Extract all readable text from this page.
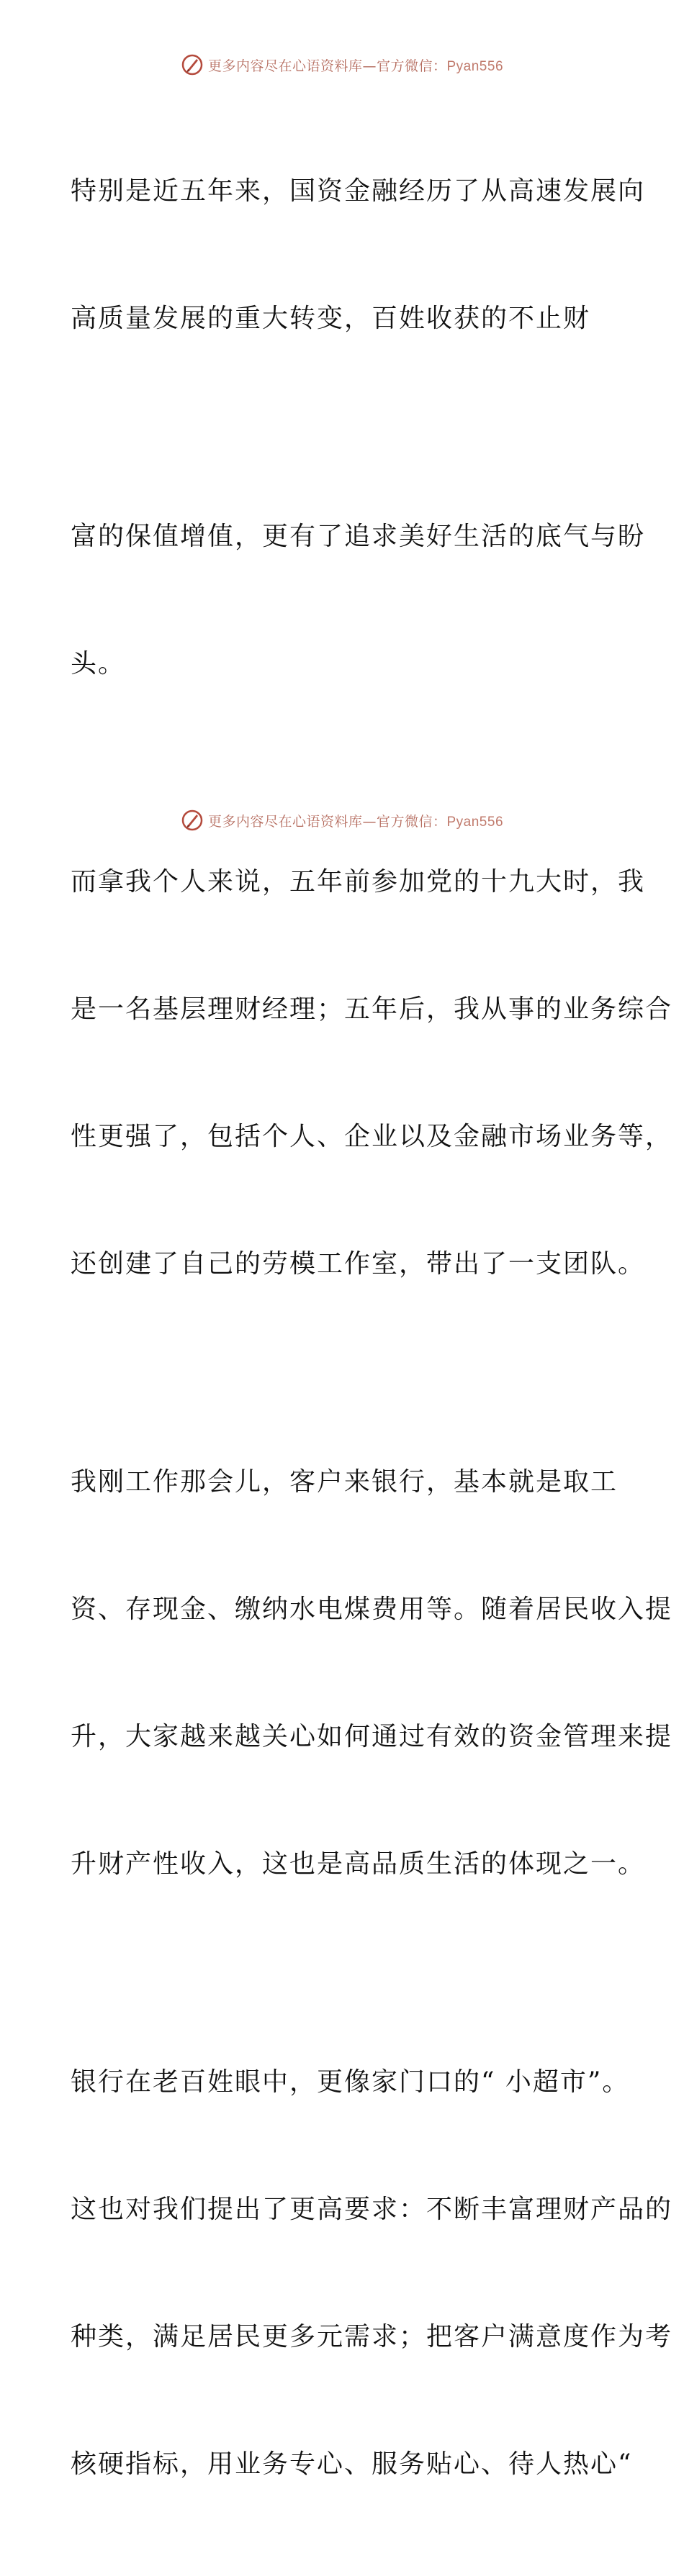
更多内容尽在心语资料库—官方微信：Pyan556

特别是近五年来，国资金融经历了从高速发展向

高质量发展的重大转变，百姓收获的不止财

富的保值增值，更有了追求美好生活的底气与盼

头。

而拿我个人来说，五年前参加党的十九大时，我

是一名基层理财经理；五年后，我从事的业务综合

性更强了，包括个人、企业以及金融市场业务等，

还创建了自己的劳模工作室，带出了一支团队。

我刚工作那会儿，客户来银行，基本就是取工

资、存现金、缴纳水电煤费用等。随着居民收入提

升，大家越来越关心如何通过有效的资金管理来提

升财产性收入，这也是高品质生活的体现之一。

银行在老百姓眼中，更像家门口的“ 小超市”。

这也对我们提出了更高要求：不断丰富理财产品的

种类，满足居民更多元需求；把客户满意度作为考

核硬指标，用业务专心、服务贴心、待人热心“

更多内容尽在心语资料库—官方微信：Pyan556
